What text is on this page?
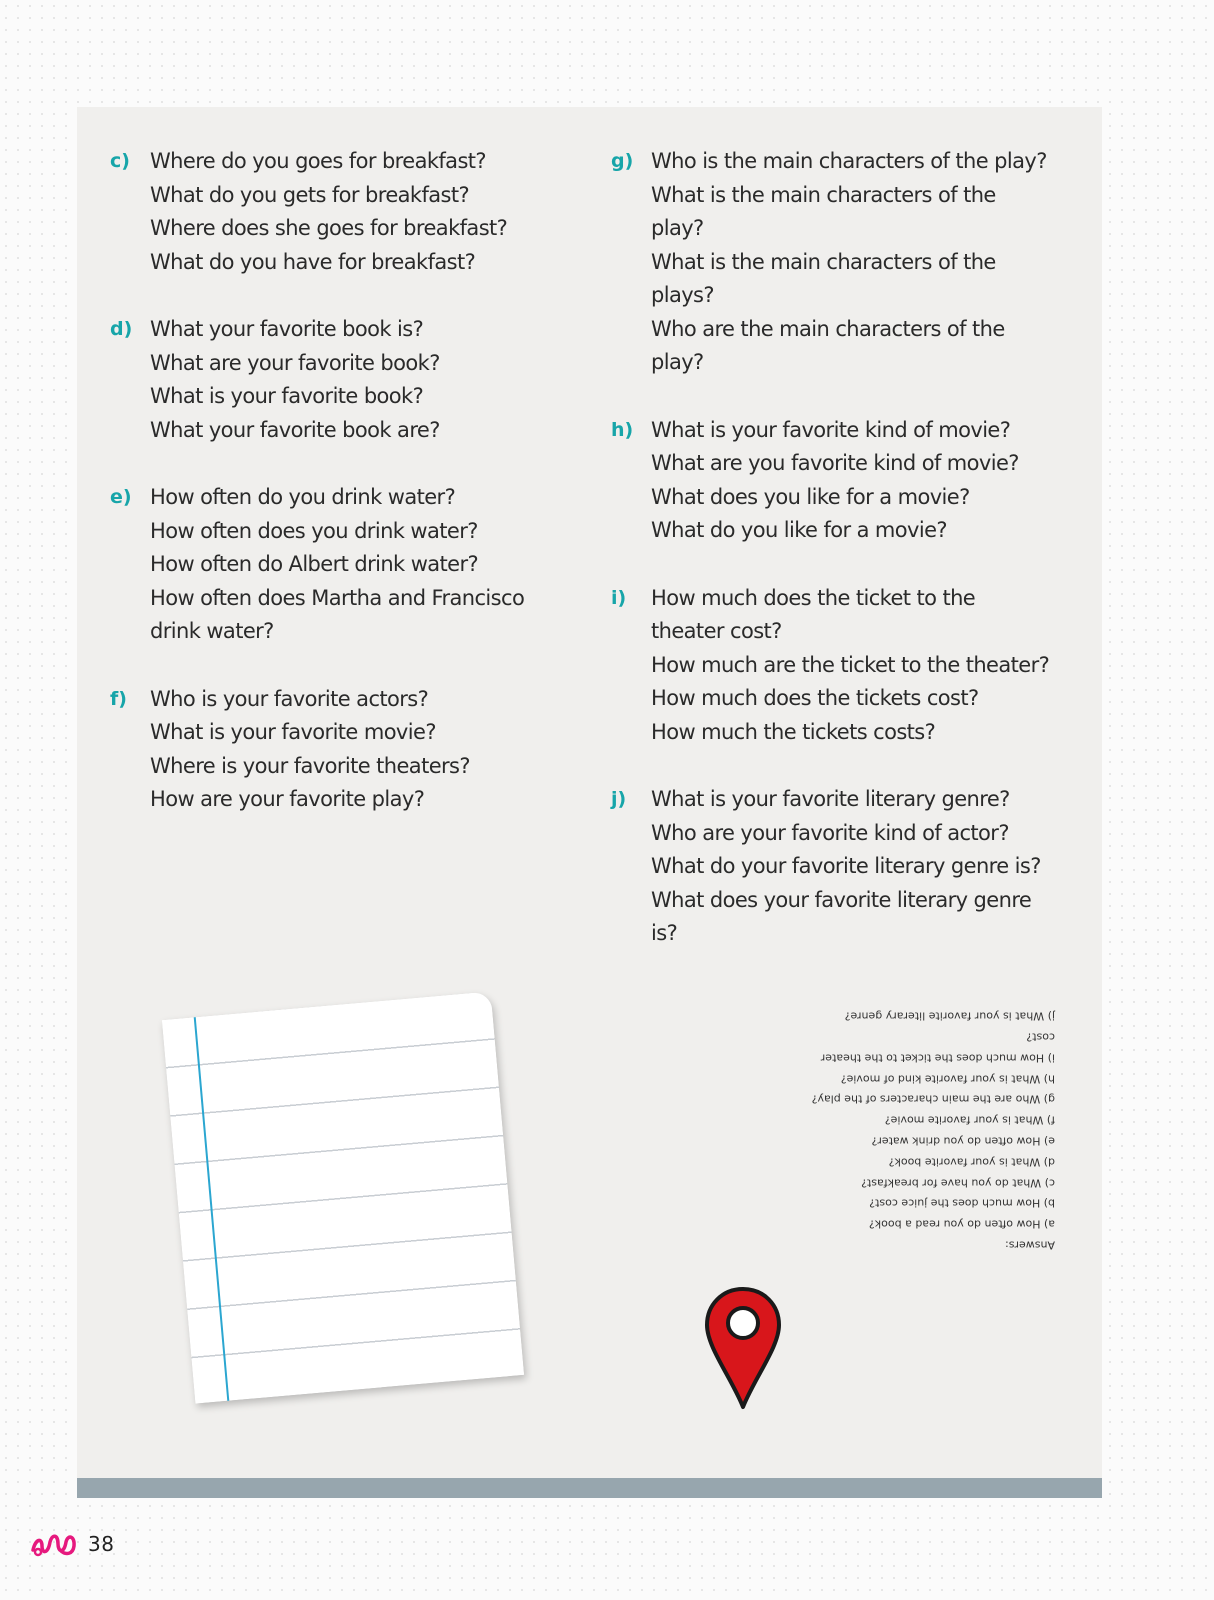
c) Where do you goes for breakfast?
What do you gets for breakfast?
Where does she goes for breakfast?
What do you have for breakfast?
d) What your favorite book is?
What are your favorite book?
What is your favorite book?
What your favorite book are?
e) How often do you drink water?
How often does you drink water?
How often do Albert drink water?
How often does Martha and Francisco drink water?
f)	Who is your favorite actors?
What is your favorite movie?
Where is your favorite theaters?
How are your favorite play?
g) Who is the main characters of the play?
What is the main characters of the play?
What is the main characters of the plays?
Who are the main characters of the play?
h) What is your favorite kind of movie?
What are you favorite kind of movie?
What does you like for a movie?
What do you like for a movie?
i)	How much does the ticket to the theater cost?
How much are the ticket to the theater?
How much does the tickets cost?
How much the tickets costs?
j)	What is your favorite literary genre?
Who are your favorite kind of actor?
What do your favorite literary genre is?
What does your favorite literary genre is?
Answers:
a) How often do you read a book?
b) How much does the juice cost?
c) What do you have for breakfast?
d) What is your favorite book?
e) How often do you drink water?
f) What is your favorite movie?
g) Who are the main characters of the play?
h) What is your favorite kind of movie?
i) How much does the ticket to the theater cost?
j) What is your favorite literary genre?
38
